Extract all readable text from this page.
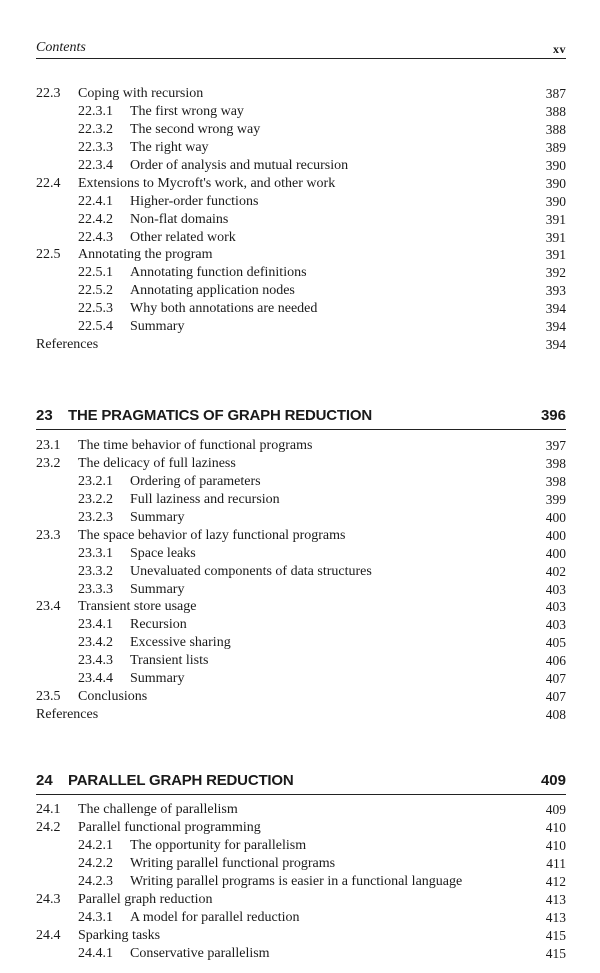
Contents	xv
22.3 Coping with recursion	387
22.3.1 The first wrong way	388
22.3.2 The second wrong way	388
22.3.3 The right way	389
22.3.4 Order of analysis and mutual recursion	390
22.4 Extensions to Mycroft's work, and other work	390
22.4.1 Higher-order functions	390
22.4.2 Non-flat domains	391
22.4.3 Other related work	391
22.5 Annotating the program	391
22.5.1 Annotating function definitions	392
22.5.2 Annotating application nodes	393
22.5.3 Why both annotations are needed	394
22.5.4 Summary	394
References	394
23 THE PRAGMATICS OF GRAPH REDUCTION	396
23.1 The time behavior of functional programs	397
23.2 The delicacy of full laziness	398
23.2.1 Ordering of parameters	398
23.2.2 Full laziness and recursion	399
23.2.3 Summary	400
23.3 The space behavior of lazy functional programs	400
23.3.1 Space leaks	400
23.3.2 Unevaluated components of data structures	402
23.3.3 Summary	403
23.4 Transient store usage	403
23.4.1 Recursion	403
23.4.2 Excessive sharing	405
23.4.3 Transient lists	406
23.4.4 Summary	407
23.5 Conclusions	407
References	408
24 PARALLEL GRAPH REDUCTION	409
24.1 The challenge of parallelism	409
24.2 Parallel functional programming	410
24.2.1 The opportunity for parallelism	410
24.2.2 Writing parallel functional programs	411
24.2.3 Writing parallel programs is easier in a functional language	412
24.3 Parallel graph reduction	413
24.3.1 A model for parallel reduction	413
24.4 Sparking tasks	415
24.4.1 Conservative parallelism	415
